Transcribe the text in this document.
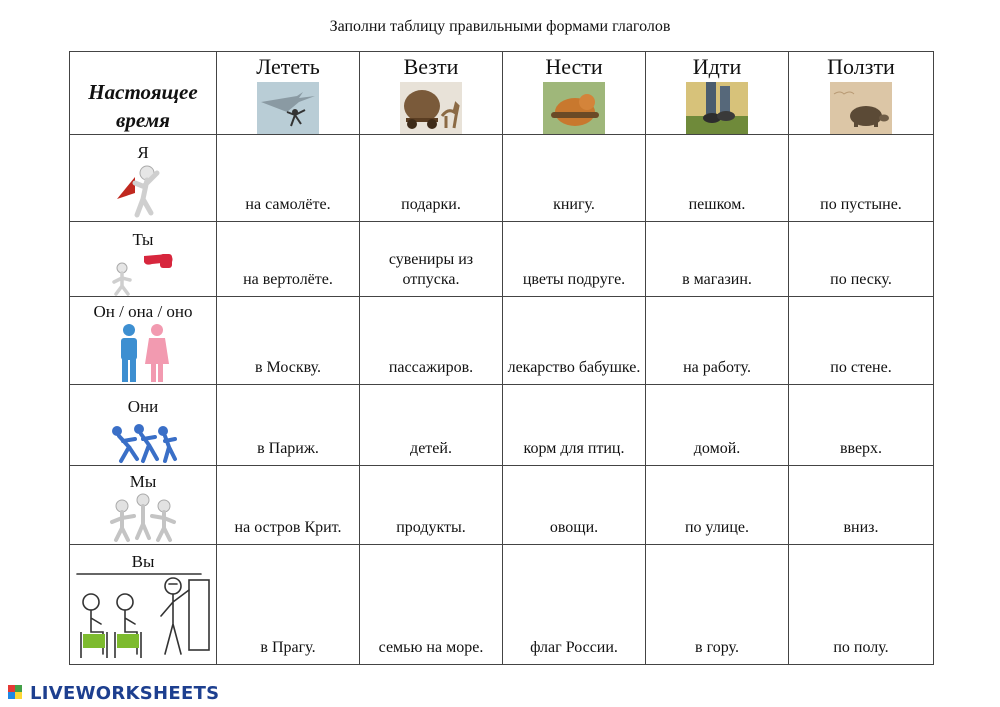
Заполни таблицу правильными формами глаголов
Настоящее
время	Лететь	Везти	Нести	Идти	Ползти

Я	на самолёте.	подарки.	книгу.	пешком.	по пустыне.

Ты	на вертолёте.	сувениры из отпуска.	цветы подруге.	в магазин.	по песку.

Он / она / оно	в Москву.	пассажиров.	лекарство бабушке.	на работу.	по стене.

Они	в Париж.	детей.	корм для птиц.	домой.	вверх.

Мы	на остров Крит.	продукты.	овощи.	по улице.	вниз.

Вы	в Прагу.	семью на море.	флаг России.	в гору.	по полу.
LIVEWORKSHEETS
